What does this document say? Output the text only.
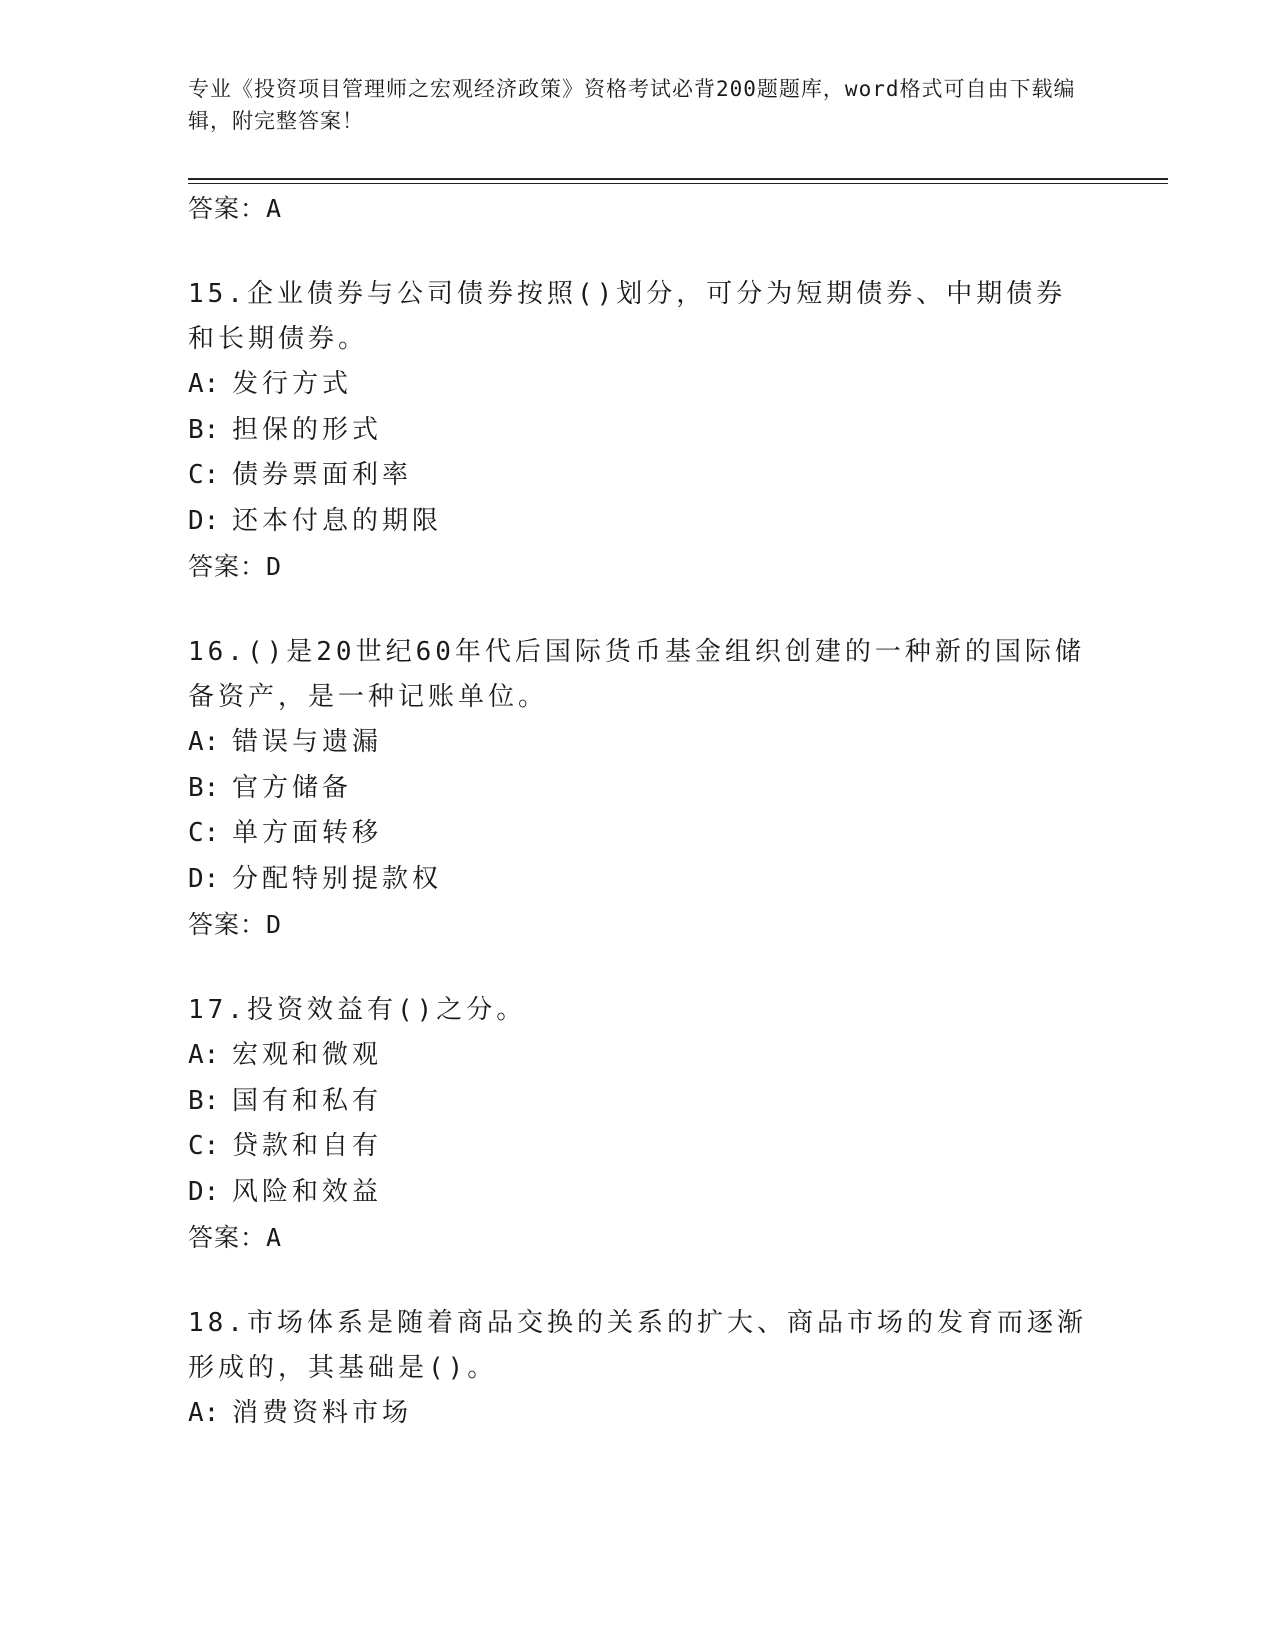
专业《投资项目管理师之宏观经济政策》资格考试必背200题题库，word格式可自由下载编辑，附完整答案！
答案：A

15.企业债券与公司债券按照()划分，可分为短期债券、中期债券和长期债券。

A: 发行方式
B: 担保的形式
C: 债券票面利率
D: 还本付息的期限
答案：D

16.()是20世纪60年代后国际货币基金组织创建的一种新的国际储备资产，是一种记账单位。

A: 错误与遗漏
B: 官方储备
C: 单方面转移
D: 分配特别提款权
答案：D

17.投资效益有()之分。

A: 宏观和微观
B: 国有和私有
C: 贷款和自有
D: 风险和效益
答案：A

18.市场体系是随着商品交换的关系的扩大、商品市场的发育而逐渐形成的，其基础是()。

A: 消费资料市场
